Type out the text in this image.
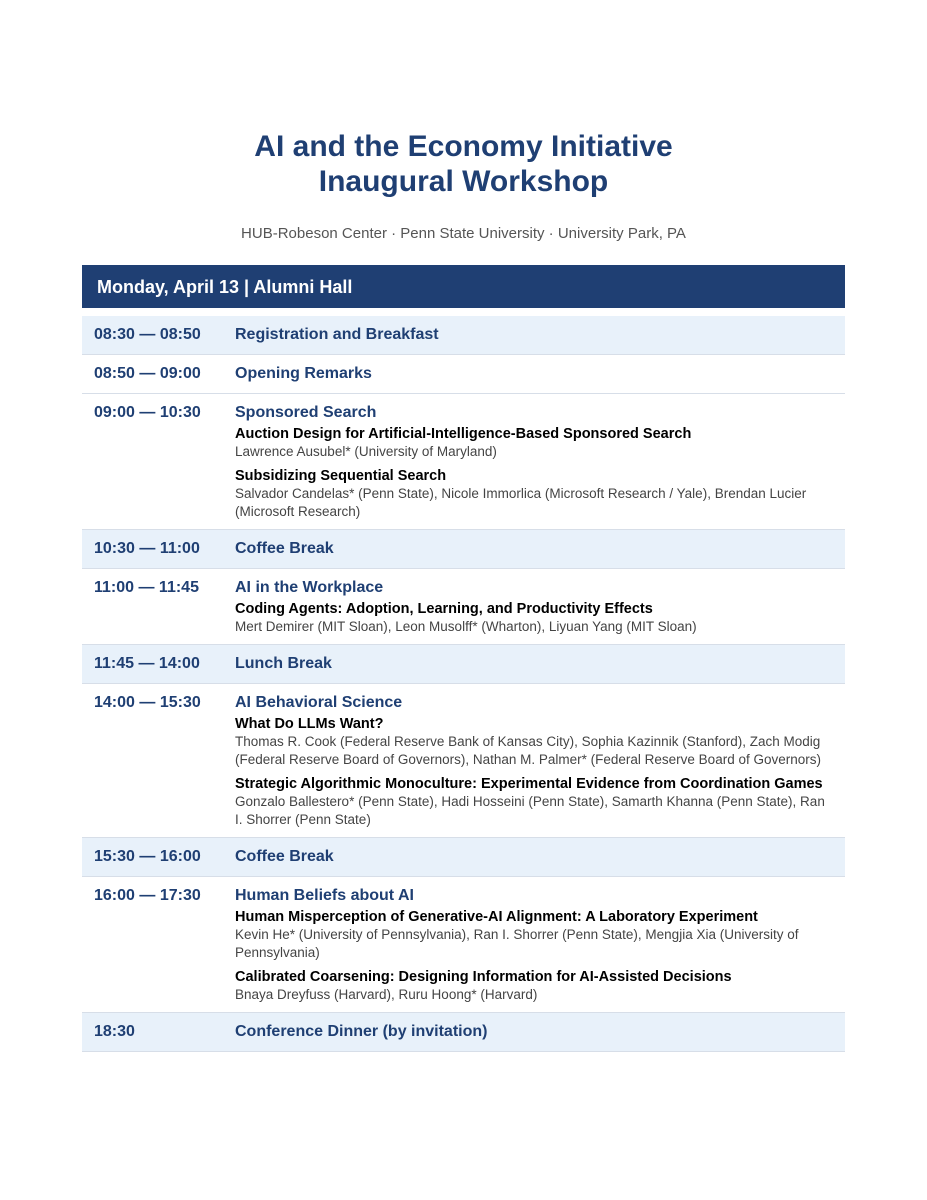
AI and the Economy Initiative
Inaugural Workshop
HUB-Robeson Center · Penn State University · University Park, PA
Monday, April 13 | Alumni Hall
08:30 — 08:50	Registration and Breakfast
08:50 — 09:00	Opening Remarks
09:00 — 10:30	Sponsored Search
Auction Design for Artificial-Intelligence-Based Sponsored Search
Lawrence Ausubel* (University of Maryland)
Subsidizing Sequential Search
Salvador Candelas* (Penn State), Nicole Immorlica (Microsoft Research / Yale), Brendan Lucier (Microsoft Research)
10:30 — 11:00	Coffee Break
11:00 — 11:45	AI in the Workplace
Coding Agents: Adoption, Learning, and Productivity Effects
Mert Demirer (MIT Sloan), Leon Musolff* (Wharton), Liyuan Yang (MIT Sloan)
11:45 — 14:00	Lunch Break
14:00 — 15:30	AI Behavioral Science
What Do LLMs Want?
Thomas R. Cook (Federal Reserve Bank of Kansas City), Sophia Kazinnik (Stanford), Zach Modig (Federal Reserve Board of Governors), Nathan M. Palmer* (Federal Reserve Board of Governors)
Strategic Algorithmic Monoculture: Experimental Evidence from Coordination Games
Gonzalo Ballestero* (Penn State), Hadi Hosseini (Penn State), Samarth Khanna (Penn State), Ran I. Shorrer (Penn State)
15:30 — 16:00	Coffee Break
16:00 — 17:30	Human Beliefs about AI
Human Misperception of Generative-AI Alignment: A Laboratory Experiment
Kevin He* (University of Pennsylvania), Ran I. Shorrer (Penn State), Mengjia Xia (University of Pennsylvania)
Calibrated Coarsening: Designing Information for AI-Assisted Decisions
Bnaya Dreyfuss (Harvard), Ruru Hoong* (Harvard)
18:30	Conference Dinner (by invitation)
